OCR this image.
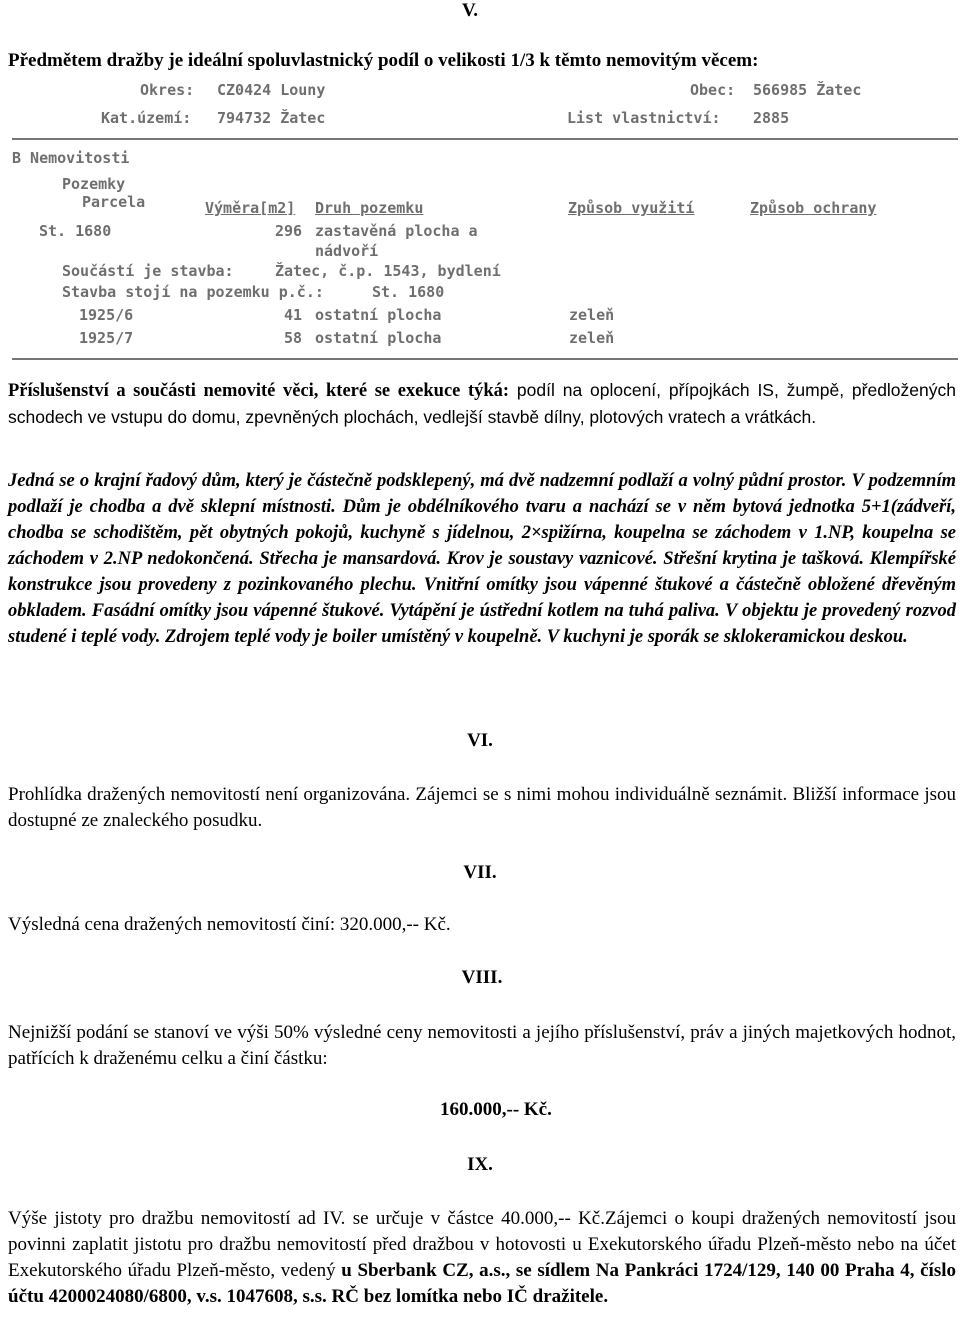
V.
Předmětem dražby je ideální spoluvlastnický podíl o velikosti 1/3 k těmto nemovitým věcem:
Okres: CZ0424 Louny	Obec: 566985 Žatec
Kat.území: 794732 Žatec	List vlastnictví: 2885
B Nemovitosti
Pozemky
Parcela	Výměra[m2] Druh pozemku	Způsob využití	Způsob ochrany
St. 1680	296 zastavěná plocha a
nádvoří
Součástí je stavba:	Žatec, č.p. 1543, bydlení
Stavba stojí na pozemku p.č.:	St. 1680
1925/6	41 ostatní plocha	zeleň
1925/7	58 ostatní plocha	zeleň
Příslušenství a součásti nemovité věci, které se exekuce týká: podíl na oplocení, přípojkách IS, žumpě, předložených schodech ve vstupu do domu, zpevněných plochách, vedlejší stavbě dílny, plotových vratech a vrátkách.
Jedná se o krajní řadový dům, který je částečně podsklepený, má dvě nadzemní podlaží a volný půdní prostor. V podzemním podlaží je chodba a dvě sklepní místnosti. Dům je obdélníkového tvaru a nachází se v něm bytová jednotka 5+1(zádveří, chodba se schodištěm, pět obytných pokojů, kuchyně s jídelnou, 2×spižírna, koupelna se záchodem v 1.NP, koupelna se záchodem v 2.NP nedokončená. Střecha je mansardová. Krov je soustavy vaznicové. Střešní krytina je tašková. Klempířské konstrukce jsou provedeny z pozinkovaného plechu. Vnitřní omítky jsou vápenné štukové a částečně obložené dřevěným obkladem. Fasádní omítky jsou vápenné štukové. Vytápění je ústřední kotlem na tuhá paliva. V objektu je provedený rozvod studené i teplé vody. Zdrojem teplé vody je boiler umístěný v koupelně. V kuchyni je sporák se sklokeramickou deskou.
VI.
Prohlídka dražených nemovitostí není organizována. Zájemci se s nimi mohou individuálně seznámit. Bližší informace jsou dostupné ze znaleckého posudku.
VII.
Výsledná cena dražených nemovitostí činí: 320.000,-- Kč.
VIII.
Nejnižší podání se stanoví ve výši 50% výsledné ceny nemovitosti a jejího příslušenství, práv a jiných majetkových hodnot, patřících k draženému celku a činí částku:
160.000,-- Kč.
IX.
Výše jistoty pro dražbu nemovitostí ad IV. se určuje v částce 40.000,-- Kč.Zájemci o koupi dražených nemovitostí jsou povinni zaplatit jistotu pro dražbu nemovitostí před dražbou v hotovosti u Exekutorského úřadu Plzeň-město nebo na účet Exekutorského úřadu Plzeň-město, vedený u Sberbank CZ, a.s., se sídlem Na Pankráci 1724/129, 140 00 Praha 4, číslo účtu 4200024080/6800, v.s. 1047608, s.s. RČ bez lomítka nebo IČ dražitele.
